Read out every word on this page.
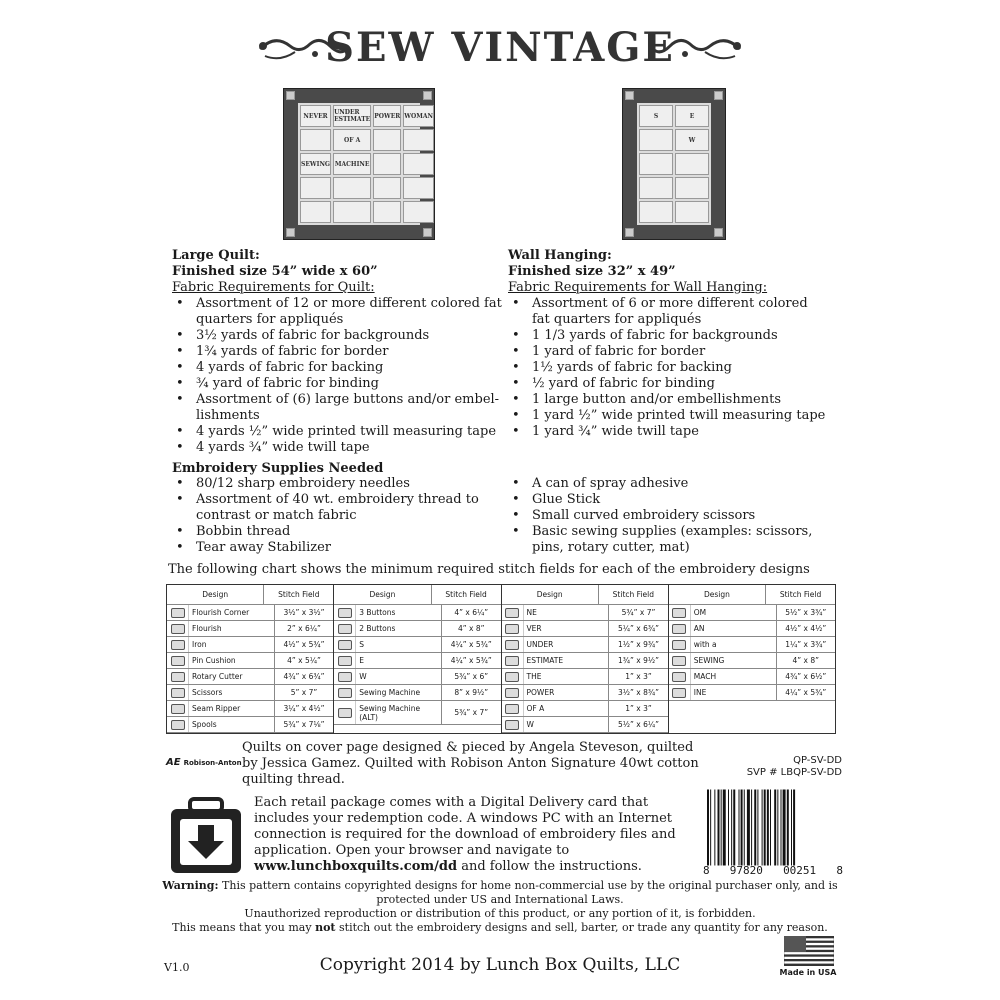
SEW VINTAGE
NEVER	UNDER ESTIMATE POWER WOMAN
OF A
SEWING MACHINE
S	E
W
Large Quilt:
Finished size 54” wide x 60”
Fabric Requirements for Quilt:
• Assortment of 12 or more different colored fat quarters for appliqués
• 3½ yards of fabric for backgrounds
• 1¾ yards of fabric for border
• 4 yards of fabric for backing
• ¾ yard of fabric for binding
• Assortment of (6) large buttons and/or embel- lishments
• 4 yards ½” wide printed twill measuring tape
• 4 yards ¾” wide twill tape
Wall Hanging:
Finished size 32” x 49”
Fabric Requirements for Wall Hanging:
• Assortment of 6 or more different colored fat quarters for appliqués
• 1 1/3 yards of fabric for backgrounds
• 1 yard of fabric for border
• 1½ yards of fabric for backing
• ½ yard of fabric for binding
• 1 large button and/or embellishments
• 1 yard ½” wide printed twill measuring tape
• 1 yard ¾” wide twill tape
Embroidery Supplies Needed
• 80/12 sharp embroidery needles
• Assortment of 40 wt. embroidery thread to contrast or match fabric
• Bobbin thread
• Tear away Stabilizer
• A can of spray adhesive
• Glue Stick
• Small curved embroidery scissors
• Basic sewing supplies (examples: scissors, pins, rotary cutter, mat)
The following chart shows the minimum required stitch fields for each of the embroidery designs
Design	Stitch Field
Flourish Corner	3½” x 3½”
Flourish	2” x 6¼”
Iron	4½” x 5¾”
Pin Cushion	4” x 5¼”
Rotary Cutter	4¾” x 6¾”
Scissors	5” x 7”
Seam Ripper	3¼” x 4½”
Spools	5¾” x 7⅛”
Design	Stitch Field
3 Buttons	4” x 6¼”
2 Buttons	4” x 8”
S	4¼” x 5¾”
E	4¼” x 5¾”
W	5¾” x 6”
Sewing Machine	8” x 9½”
Sewing Machine (ALT)	5¾” x 7”
Design	Stitch Field
NE	5¾” x 7”
VER	5¼” x 6¾”
UNDER	1½” x 9¾”
ESTIMATE	1¾” x 9½”
THE	1” x 3”
POWER	3½” x 8¾”
OF A	1” x 3”
W	5½” x 6¼”
Design	Stitch Field
OM	5½” x 3¾”
AN	4½” x 4½”
with a	1¼” x 3¾”
SEWING	4” x 8”
MACH	4¾” x 6½”
INE	4¼” x 5¾”
AE Robison-Anton
Quilts on cover page designed & pieced by Angela Steveson, quilted by Jessica Gamez. Quilted with Robison Anton Signature 40wt cotton quilting thread.
Each retail package comes with a Digital Delivery card that includes your redemption code. A windows PC with an Internet connection is required for the download of embroidery files and application. Open your browser and navigate to www.lunchboxquilts.com/dd and follow the instructions.
QP-SV-DD
SVP # LBQP-SV-DD
8 97820 00251 8
Warning: This pattern contains copyrighted designs for home non-commercial use by the original purchaser only, and is protected under US and International Laws.
Unauthorized reproduction or distribution of this product, or any portion of it, is forbidden.
This means that you may not stitch out the embroidery designs and sell, barter, or trade any quantity for any reason.
V1.0	Copyright 2014 by Lunch Box Quilts, LLC	Made in USA
